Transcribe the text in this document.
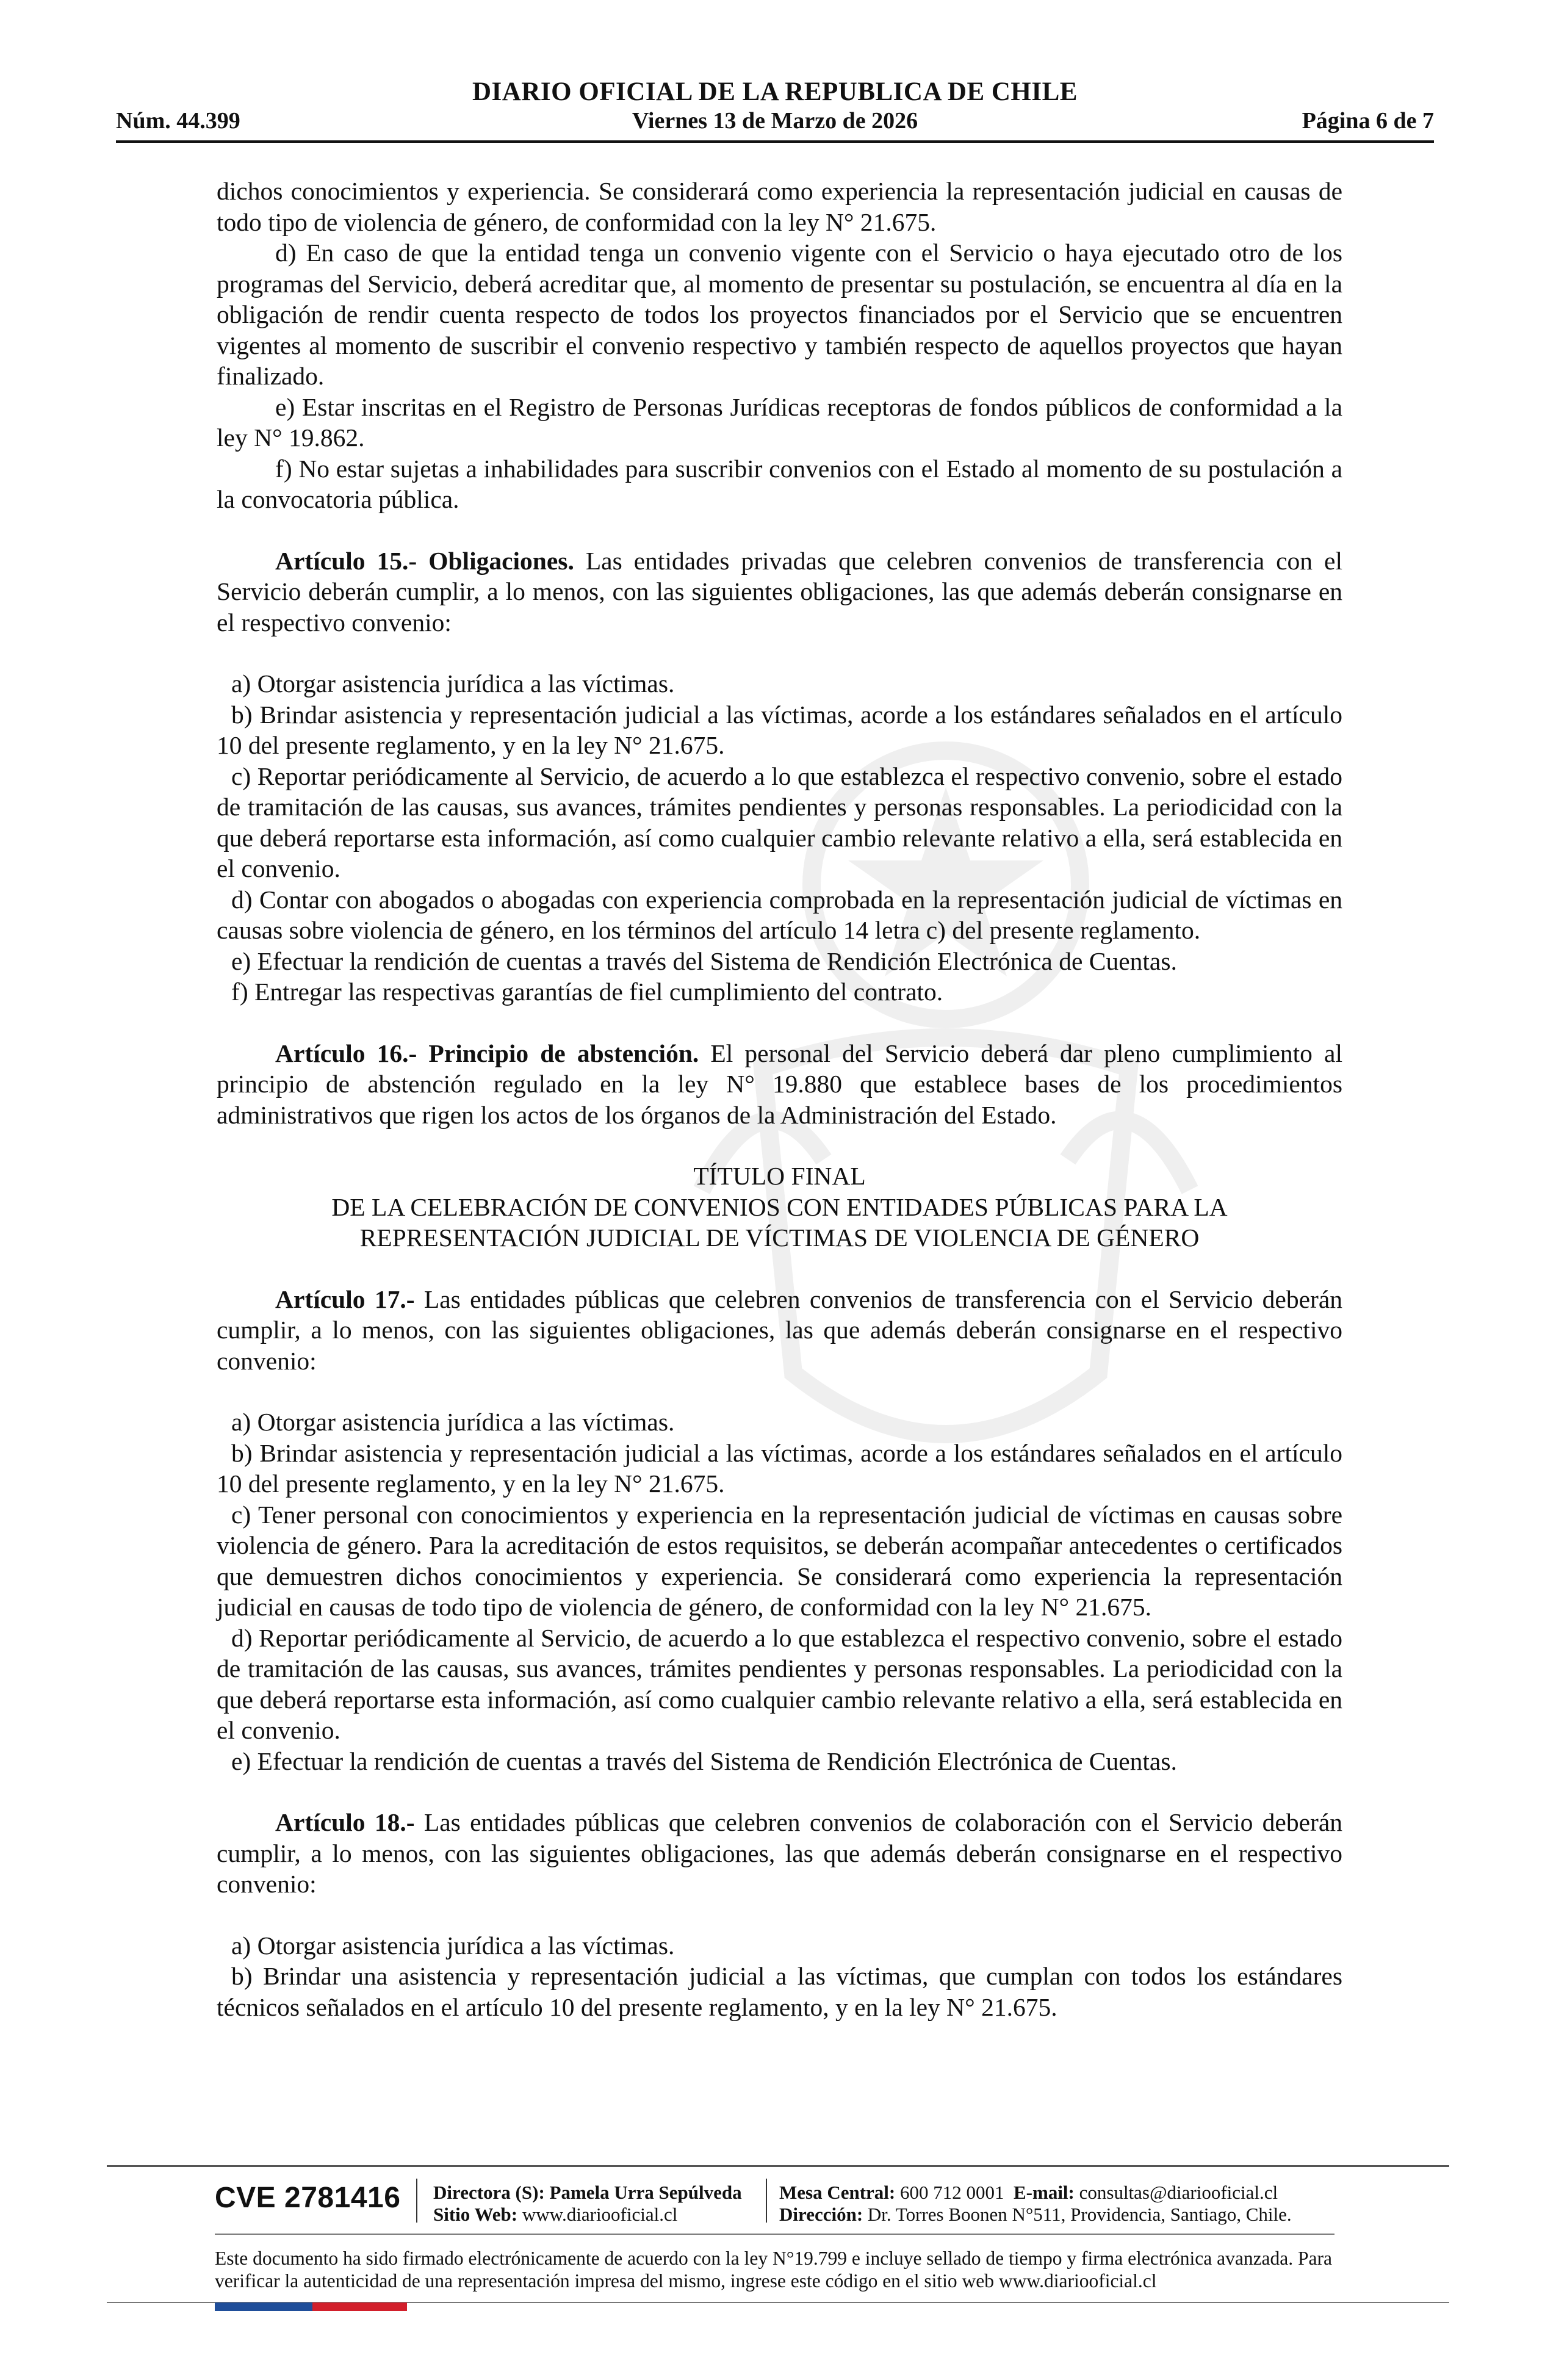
DIARIO OFICIAL DE LA REPUBLICA DE CHILE
Núm. 44.399	Viernes 13 de Marzo de 2026	Página 6 de 7

dichos conocimientos y experiencia. Se considerará como experiencia la representación judicial en causas de todo tipo de violencia de género, de conformidad con la ley N° 21.675.

d) En caso de que la entidad tenga un convenio vigente con el Servicio o haya ejecutado otro de los programas del Servicio, deberá acreditar que, al momento de presentar su postulación, se encuentra al día en la obligación de rendir cuenta respecto de todos los proyectos financiados por el Servicio que se encuentren vigentes al momento de suscribir el convenio respectivo y también respecto de aquellos proyectos que hayan finalizado.

e) Estar inscritas en el Registro de Personas Jurídicas receptoras de fondos públicos de conformidad a la ley N° 19.862.

f) No estar sujetas a inhabilidades para suscribir convenios con el Estado al momento de su postulación a la convocatoria pública.

Artículo 15.- Obligaciones. Las entidades privadas que celebren convenios de transferencia con el Servicio deberán cumplir, a lo menos, con las siguientes obligaciones, las que además deberán consignarse en el respectivo convenio:

a) Otorgar asistencia jurídica a las víctimas.

b) Brindar asistencia y representación judicial a las víctimas, acorde a los estándares señalados en el artículo 10 del presente reglamento, y en la ley N° 21.675.

c) Reportar periódicamente al Servicio, de acuerdo a lo que establezca el respectivo convenio, sobre el estado de tramitación de las causas, sus avances, trámites pendientes y personas responsables. La periodicidad con la que deberá reportarse esta información, así como cualquier cambio relevante relativo a ella, será establecida en el convenio.

d) Contar con abogados o abogadas con experiencia comprobada en la representación judicial de víctimas en causas sobre violencia de género, en los términos del artículo 14 letra c) del presente reglamento.

e) Efectuar la rendición de cuentas a través del Sistema de Rendición Electrónica de Cuentas.

f) Entregar las respectivas garantías de fiel cumplimiento del contrato.

Artículo 16.- Principio de abstención. El personal del Servicio deberá dar pleno cumplimiento al principio de abstención regulado en la ley N° 19.880 que establece bases de los procedimientos administrativos que rigen los actos de los órganos de la Administración del Estado.

TÍTULO FINAL

DE LA CELEBRACIÓN DE CONVENIOS CON ENTIDADES PÚBLICAS PARA LA

REPRESENTACIÓN JUDICIAL DE VÍCTIMAS DE VIOLENCIA DE GÉNERO

Artículo 17.- Las entidades públicas que celebren convenios de transferencia con el Servicio deberán cumplir, a lo menos, con las siguientes obligaciones, las que además deberán consignarse en el respectivo convenio:

a) Otorgar asistencia jurídica a las víctimas.

b) Brindar asistencia y representación judicial a las víctimas, acorde a los estándares señalados en el artículo 10 del presente reglamento, y en la ley N° 21.675.

c) Tener personal con conocimientos y experiencia en la representación judicial de víctimas en causas sobre violencia de género. Para la acreditación de estos requisitos, se deberán acompañar antecedentes o certificados que demuestren dichos conocimientos y experiencia. Se considerará como experiencia la representación judicial en causas de todo tipo de violencia de género, de conformidad con la ley N° 21.675.

d) Reportar periódicamente al Servicio, de acuerdo a lo que establezca el respectivo convenio, sobre el estado de tramitación de las causas, sus avances, trámites pendientes y personas responsables. La periodicidad con la que deberá reportarse esta información, así como cualquier cambio relevante relativo a ella, será establecida en el convenio.

e) Efectuar la rendición de cuentas a través del Sistema de Rendición Electrónica de Cuentas.

Artículo 18.- Las entidades públicas que celebren convenios de colaboración con el Servicio deberán cumplir, a lo menos, con las siguientes obligaciones, las que además deberán consignarse en el respectivo convenio:

a) Otorgar asistencia jurídica a las víctimas.

b) Brindar una asistencia y representación judicial a las víctimas, que cumplan con todos los estándares técnicos señalados en el artículo 10 del presente reglamento, y en la ley N° 21.675.

CVE 2781416 Directora (S): Pamela Urra Sepúlveda
Sitio Web: www.diariooficial.cl
Mesa Central: 600 712 0001 E-mail: consultas@diariooficial.cl
Dirección: Dr. Torres Boonen N°511, Providencia, Santiago, Chile.
Este documento ha sido firmado electrónicamente de acuerdo con la ley N°19.799 e incluye sellado de tiempo y firma electrónica avanzada. Para verificar la autenticidad de una representación impresa del mismo, ingrese este código en el sitio web www.diariooficial.cl
